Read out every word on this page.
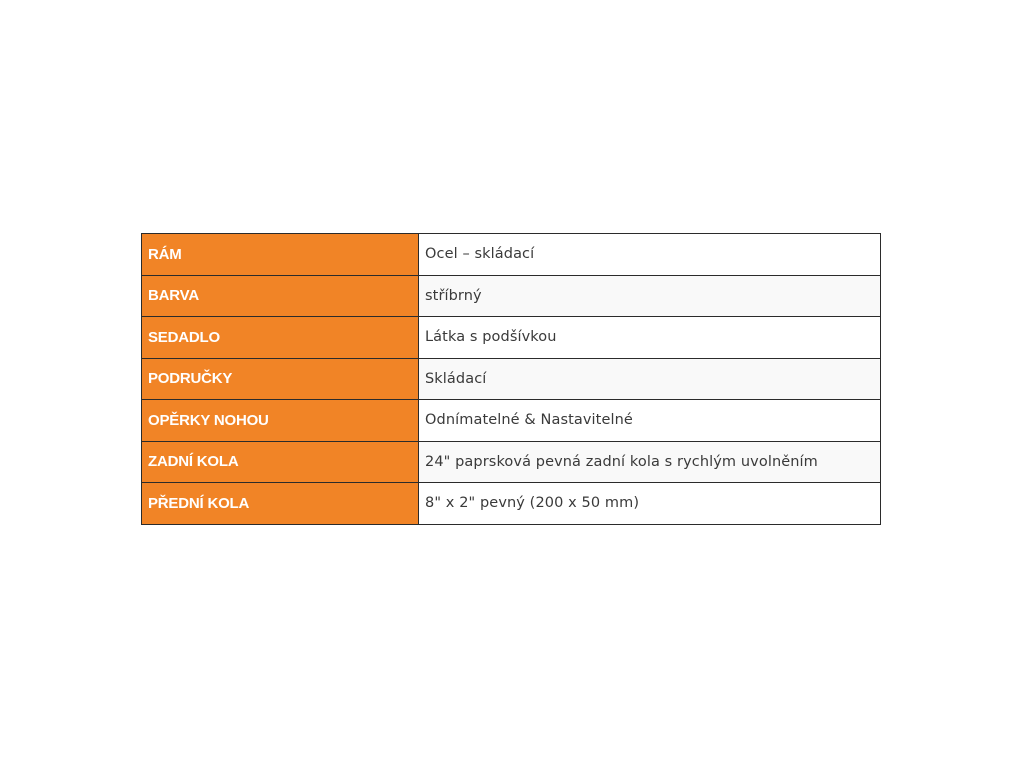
RÁM	Ocel – skládací
BARVA	stříbrný
SEDADLO	Látka s podšívkou
PODRUČKY	Skládací
OPĚRKY NOHOU	Odnímatelné & Nastavitelné
ZADNÍ KOLA	24" paprsková pevná zadní kola s rychlým uvolněním
PŘEDNÍ KOLA	8" x 2" pevný (200 x 50 mm)
